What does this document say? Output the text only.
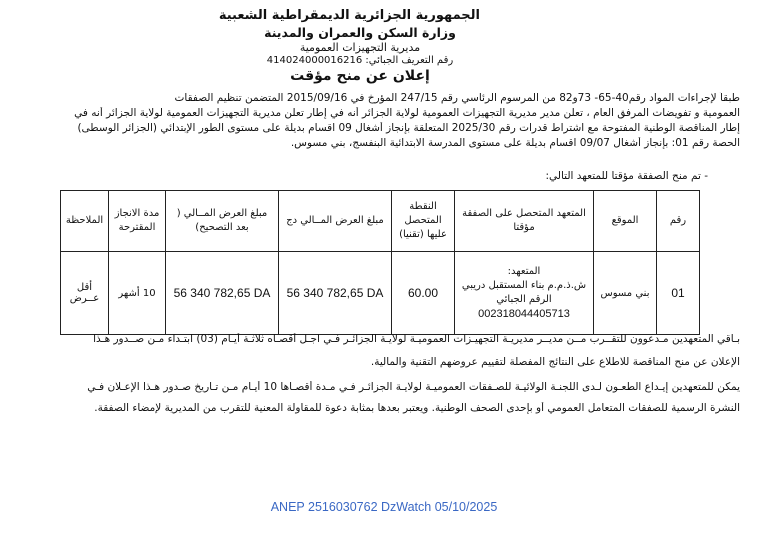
الجمهورية الجزائرية الديمقراطية الشعبية
وزارة السكن والعمران والمدينة
مديرية التجهيزات العمومية
رقم التعريف الجبائي: 414024000016216
إعلان عن منح مؤقت
طبقاً لإجراءات المواد رقم40-65- 73و82 من المرسوم الرئاسي رقم 247/15 المؤرخ في 2015/09/16 المتضمن تنظيم الصفقات
العمومية و تفويضات المرفق العام ، تعلن مدير مديرية التجهيزات العمومية لولاية الجزائر أنه في إطار تعلن مديرية التجهيزات العمومية لولاية الجزائر أنه في
إطار المناقصة الوطنية المفتوحة مع اشتراط قدرات رقم 2025/30 المتعلقة بإنجاز أشغال 09 اقسام بديلة على مستوى الطور الإبتدائي (الجزائر الوسطى)
الحصة رقم 01: بإنجاز أشغال 09/07 اقسام بديلة على مستوى المدرسة الابتدائية البنفسج، بني مسوس.
- تم منح الصفقة مؤقتا للمتعهد التالي:
رقم	الموقع	المتعهد المتحصل على الصفقة مؤقتا	النقطة المتحصل عليها (تقنيا)	مبلغ العرض المــالي دج	مبلغ العرض المــالي ( بعد التصحيح)	مدة الانجاز المقترحة	الملاحظة
01	بني مسوس	المتعهد:
ش.ذ.م.م بناء المستقبل دريبي
الرقم الجبائي
002318044405713	60.00	56 340 782,65 DA	56 340 782,65 DA	10 أشهر	أقل عــرض
بـاقي المتعهدين مـدعوون للتقــرب مــن مديــر مديريـة التجهيـزات العموميـة لولايـة الجزائـر فـي اجـل أقصـاه ثلاثـة أيـام (03) ابتـداء مـن صــدور هـذا
الإعلان عن منح المناقصة للاطلاع على النتائج المفصلة لتقييم عروضهم التقنية والمالية.
يمكن للمتعهدين إيـداع الطعـون لـدى اللجنـة الولائيـة للصـفقات العموميـة لولايـة الجزائـر فـي مـدة أقصـاها 10 أيـام مـن تـاريخ صـدور هـذا الإعـلان فـي
النشرة الرسمية للصفقات المتعامل العمومي أو بإحدى الصحف الوطنية. ويعتبر بعدها بمثابة دعوة للمقاولة المعنية للتقرب من المديرية لإمضاء الصفقة.
ANEP 2516030762 DzWatch 05/10/2025
